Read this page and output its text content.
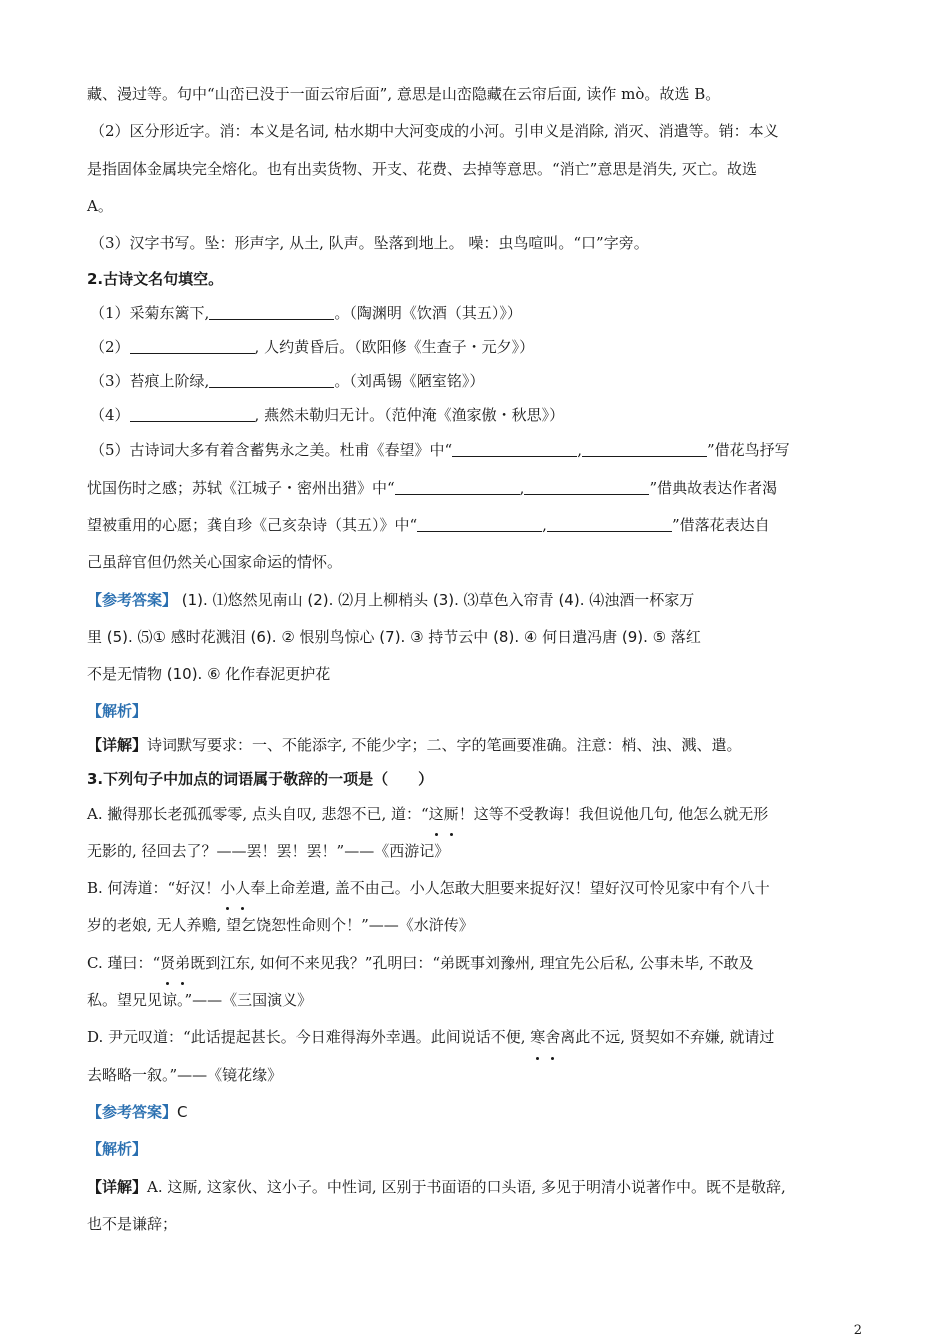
藏、漫过等。句中“山峦已没于一面云帘后面”, 意思是山峦隐藏在云帘后面, 读作 mò。故选 B。
（2）区分形近字。消：本义是名词, 枯水期中大河变成的小河。引申义是消除, 消灭、消遣等。销：本义
是指固体金属块完全熔化。也有出卖货物、开支、花费、去掉等意思。“消亡”意思是消失, 灭亡。故选
A。
（3）汉字书写。坠：形声字, 从土, 队声。坠落到地上。 噪：虫鸟喧叫。“口”字旁。
2.古诗文名句填空。
（1）采菊东篱下,	。（陶渊明《饮酒（其五）》）
（2）	, 人约黄昏后。（欧阳修《生查子・元夕》）
（3）苔痕上阶绿,	。（刘禹锡《陋室铭》）
（4）	, 燕然未勒归无计。（范仲淹《渔家傲・秋思》）
（5）古诗词大多有着含蓄隽永之美。杜甫《春望》中“	,	”借花鸟抒写
忧国伤时之感；苏轼《江城子・密州出猎》中“	,	”借典故表达作者渴
望被重用的心愿；龚自珍《己亥杂诗（其五）》中“	,	”借落花表达自
己虽辞官但仍然关心国家命运的情怀。
【参考答案】 (1). ⑴悠然见南山 (2). ⑵月上柳梢头 (3). ⑶草色入帘青 (4). ⑷浊酒一杯家万
里 (5). ⑸① 感时花溅泪 (6). ② 恨别鸟惊心 (7). ③ 持节云中 (8). ④ 何日遣冯唐 (9). ⑤ 落红
不是无情物 (10). ⑥ 化作春泥更护花
【解析】
【详解】诗词默写要求：一、不能添字, 不能少字；二、字的笔画要准确。注意：梢、浊、溅、遣。
3.下列句子中加点的词语属于敬辞的一项是（　　）
A. 撇得那长老孤孤零零, 点头自叹, 悲怨不已, 道：“这厮！这等不受教诲！我但说他几句, 他怎么就无形
无影的, 径回去了？——罢！罢！罢！”——《西游记》
B. 何涛道：“好汉！小人奉上命差遣, 盖不由己。小人怎敢大胆要来捉好汉！望好汉可怜见家中有个八十
岁的老娘, 无人养赡, 望乞饶恕性命则个！”——《水浒传》
C. 瑾曰：“贤弟既到江东, 如何不来见我？”孔明曰：“弟既事刘豫州, 理宜先公后私, 公事未毕, 不敢及
私。望兄见谅。”——《三国演义》
D. 尹元叹道：“此话提起甚长。今日难得海外幸遇。此间说话不便, 寒舍离此不远, 贤契如不弃嫌, 就请过
去略略一叙。”——《镜花缘》
【参考答案】C
【解析】
【详解】A. 这厮, 这家伙、这小子。中性词, 区别于书面语的口头语, 多见于明清小说著作中。既不是敬辞,
也不是谦辞；
2
